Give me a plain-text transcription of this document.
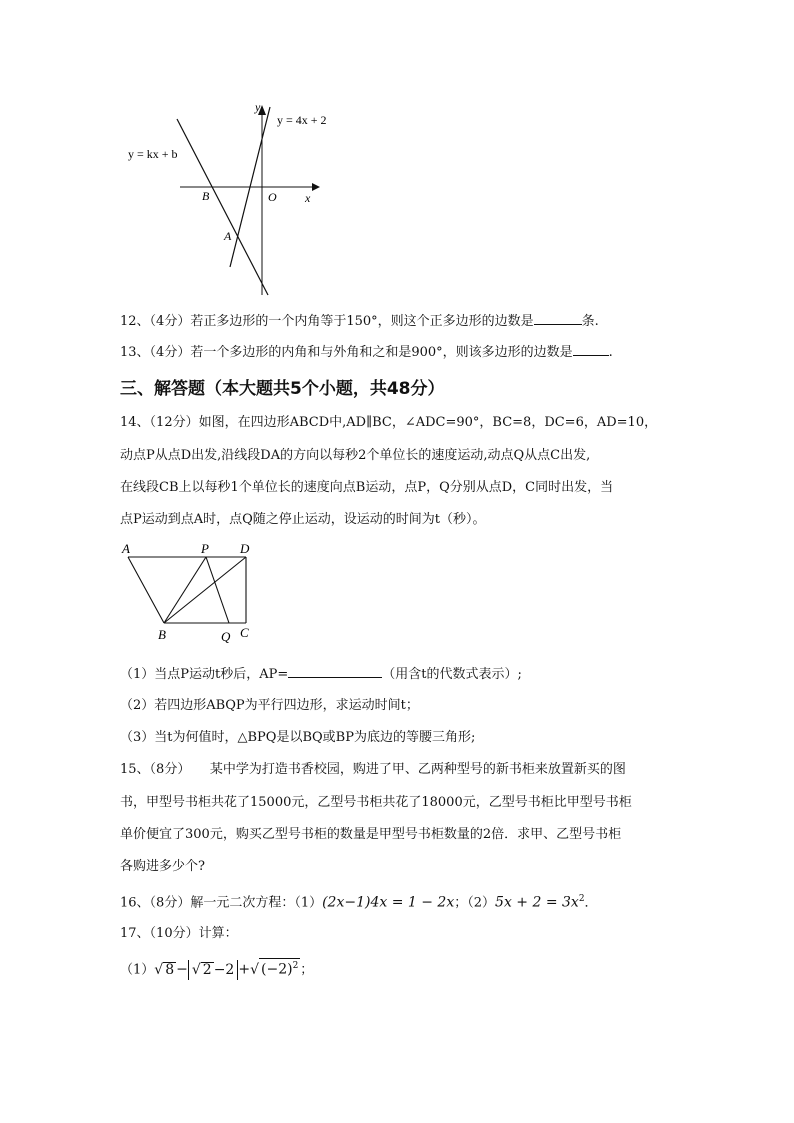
y
x
y = 4x + 2
y = kx + b
B	O
A
12、（4分）若正多边形的一个内角等于150°，则这个正多边形的边数是	条.
13、（4分）若一个多边形的内角和与外角和之和是900°，则该多边形的边数是	.
三、解答题（本大题共5个小题，共48分）
14、（12分）如图，在四边形ABCD中,AD∥BC，∠ADC=90°，BC=8，DC=6，AD=10，
动点P从点D出发,沿线段DA的方向以每秒2个单位长的速度运动,动点Q从点C出发,
在线段CB上以每秒1个单位长的速度向点B运动，点P，Q分别从点D，C同时出发，当
点P运动到点A时，点Q随之停止运动，设运动的时间为t（秒）。
A	P D
B	Q C
（1）当点P运动t秒后，AP=	（用含t的代数式表示）;
（2）若四边形ABQP为平行四边形，求运动时间t；
（3）当t为何值时，△BPQ是以BQ或BP为底边的等腰三角形;
15、（8分）　　某中学为打造书香校园，购进了甲、乙两种型号的新书柜来放置新买的图
书，甲型号书柜共花了15000元，乙型号书柜共花了18000元，乙型号书柜比甲型号书柜
单价便宜了300元，购买乙型号书柜的数量是甲型号书柜数量的2倍．求甲、乙型号书柜
各购进多少个?
16、（8分）解一元二次方程：（1）(2x−1)4x = 1 − 2x；$(2)5x + 2 = 3x^2$．
17、（10分）计算：
（1）√ 8 − √ 2 −2 +√ $(-2)^2$ ；
